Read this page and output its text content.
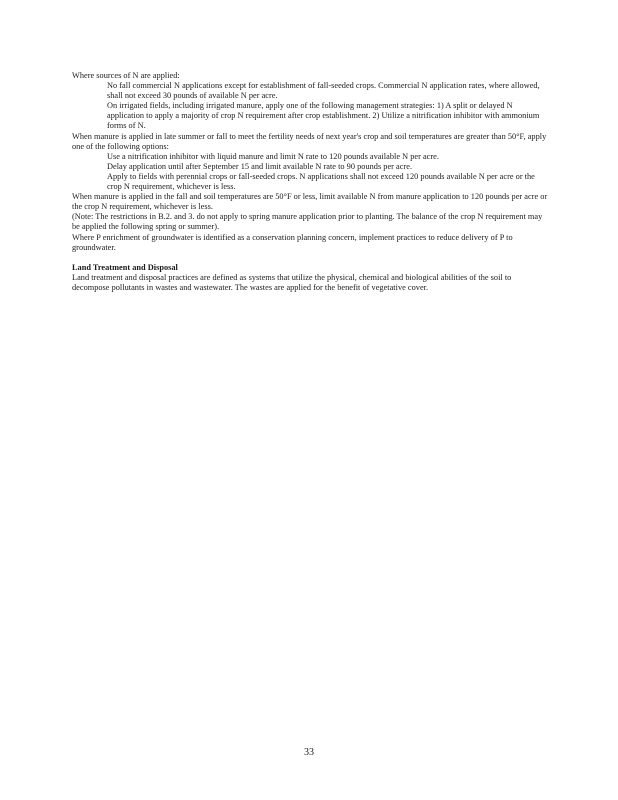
Where sources of N are applied:

No fall commercial N applications except for establishment of fall-seeded crops. Commercial N application rates, where allowed, shall not exceed 30 pounds of available N per acre.
On irrigated fields, including irrigated manure, apply one of the following management strategies: 1) A split or delayed N application to apply a majority of crop N requirement after crop establishment. 2) Utilize a nitrification inhibitor with ammonium forms of N.

When manure is applied in late summer or fall to meet the fertility needs of next year's crop and soil temperatures are greater than 50°F, apply one of the following options:

Use a nitrification inhibitor with liquid manure and limit N rate to 120 pounds available N per acre.
Delay application until after September 15 and limit available N rate to 90 pounds per acre.
Apply to fields with perennial crops or fall-seeded crops. N applications shall not exceed 120 pounds available N per acre or the crop N requirement, whichever is less.

When manure is applied in the fall and soil temperatures are 50°F or less, limit available N from manure application to 120 pounds per acre or the crop N requirement, whichever is less.

(Note: The restrictions in B.2. and 3. do not apply to spring manure application prior to planting. The balance of the crop N requirement may be applied the following spring or summer).

Where P enrichment of groundwater is identified as a conservation planning concern, implement practices to reduce delivery of P to groundwater.

Land Treatment and Disposal

Land treatment and disposal practices are defined as systems that utilize the physical, chemical and biological abilities of the soil to decompose pollutants in wastes and wastewater. The wastes are applied for the benefit of vegetative cover.

33
